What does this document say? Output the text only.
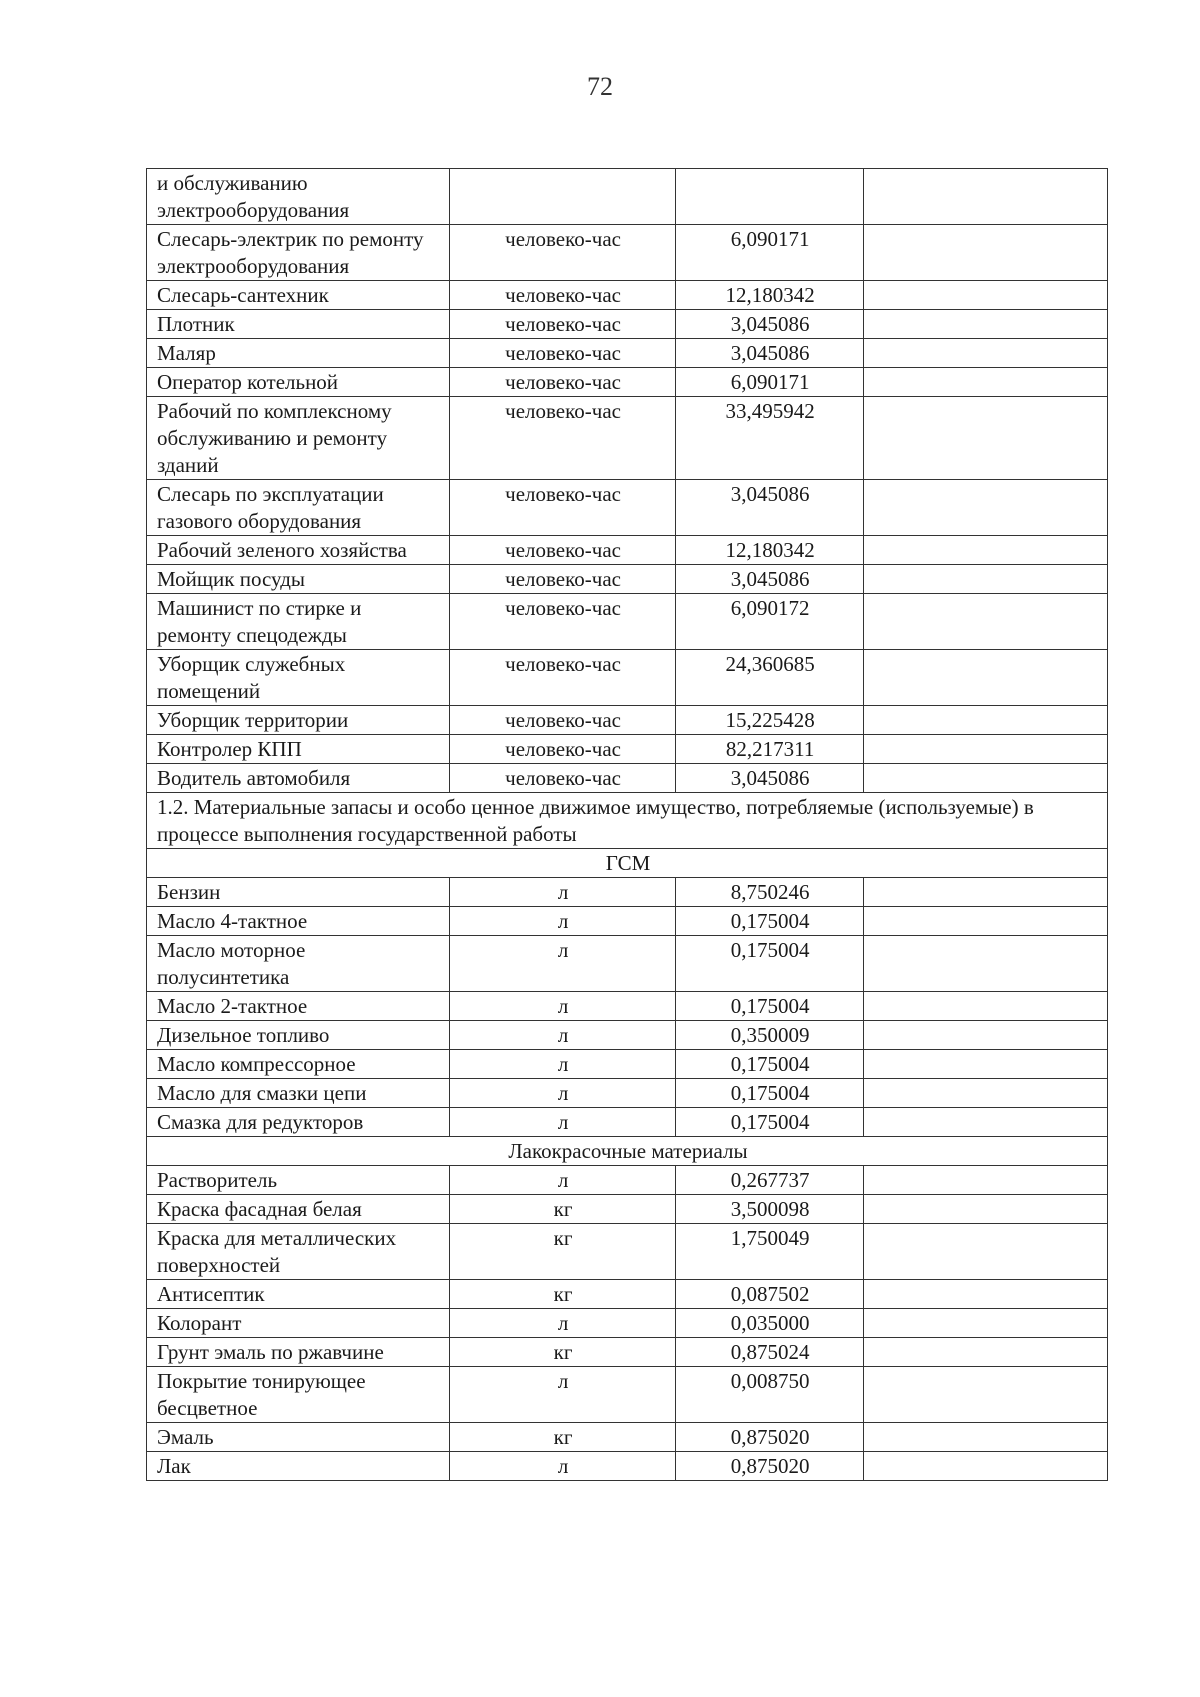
72
и обслуживанию электрооборудования			
Слесарь-электрик по ремонту электрооборудования	человеко-час	6,090171	
Слесарь-сантехник	человеко-час	12,180342	
Плотник	человеко-час	3,045086	
Маляр	человеко-час	3,045086	
Оператор котельной	человеко-час	6,090171	
Рабочий по комплексному обслуживанию и ремонту зданий	человеко-час	33,495942	
Слесарь по эксплуатации газового оборудования	человеко-час	3,045086	
Рабочий зеленого хозяйства	человеко-час	12,180342	
Мойщик посуды	человеко-час	3,045086	
Машинист по стирке и ремонту спецодежды	человеко-час	6,090172	
Уборщик служебных помещений	человеко-час	24,360685	
Уборщик территории	человеко-час	15,225428	
Контролер КПП	человеко-час	82,217311	
Водитель автомобиля	человеко-час	3,045086	
1.2. Материальные запасы и особо ценное движимое имущество, потребляемые (используемые) в процессе выполнения государственной работы			
ГСМ			
Бензин	л	8,750246	
Масло 4-тактное	л	0,175004	
Масло моторное полусинтетика	л	0,175004	
Масло 2-тактное	л	0,175004	
Дизельное топливо	л	0,350009	
Масло компрессорное	л	0,175004	
Масло для смазки цепи	л	0,175004	
Смазка для редукторов	л	0,175004	
Лакокрасочные материалы			
Растворитель	л	0,267737	
Краска фасадная белая	кг	3,500098	
Краска для металлических поверхностей	кг	1,750049	
Антисептик	кг	0,087502	
Колорант	л	0,035000	
Грунт эмаль по ржавчине	кг	0,875024	
Покрытие тонирующее бесцветное	л	0,008750	
Эмаль	кг	0,875020	
Лак	л	0,875020	
